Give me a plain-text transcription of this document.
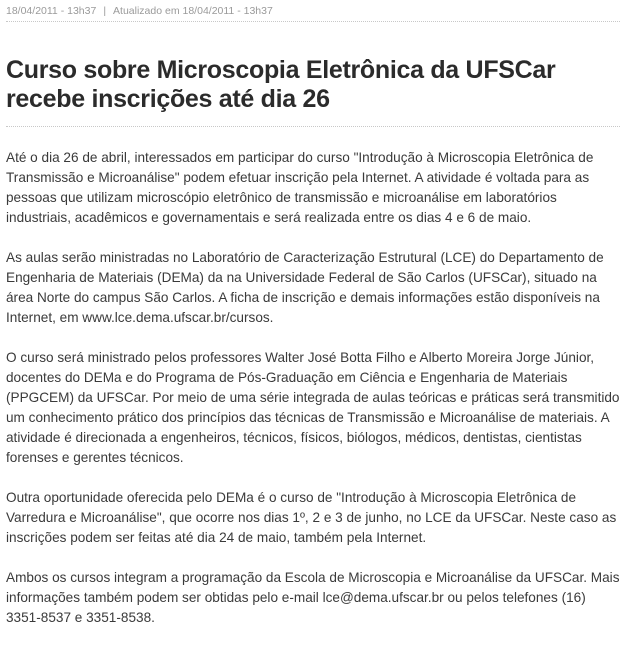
18/04/2011 - 13h37 | Atualizado em 18/04/2011 - 13h37
Curso sobre Microscopia Eletrônica da UFSCar
recebe inscrições até dia 26

Até o dia 26 de abril, interessados em participar do curso "Introdução à Microscopia Eletrônica de
Transmissão e Microanálise" podem efetuar inscrição pela Internet. A atividade é voltada para as
pessoas que utilizam microscópio eletrônico de transmissão e microanálise em laboratórios
industriais, acadêmicos e governamentais e será realizada entre os dias 4 e 6 de maio.

As aulas serão ministradas no Laboratório de Caracterização Estrutural (LCE) do Departamento de
Engenharia de Materiais (DEMa) da na Universidade Federal de São Carlos (UFSCar), situado na
área Norte do campus São Carlos. A ficha de inscrição e demais informações estão disponíveis na
Internet, em www.lce.dema.ufscar.br/cursos.

O curso será ministrado pelos professores Walter José Botta Filho e Alberto Moreira Jorge Júnior,
docentes do DEMa e do Programa de Pós-Graduação em Ciência e Engenharia de Materiais
(PPGCEM) da UFSCar. Por meio de uma série integrada de aulas teóricas e práticas será transmitido
um conhecimento prático dos princípios das técnicas de Transmissão e Microanálise de materiais. A
atividade é direcionada a engenheiros, técnicos, físicos, biólogos, médicos, dentistas, cientistas
forenses e gerentes técnicos.

Outra oportunidade oferecida pelo DEMa é o curso de "Introdução à Microscopia Eletrônica de
Varredura e Microanálise", que ocorre nos dias 1º, 2 e 3 de junho, no LCE da UFSCar. Neste caso as
inscrições podem ser feitas até dia 24 de maio, também pela Internet.

Ambos os cursos integram a programação da Escola de Microscopia e Microanálise da UFSCar. Mais
informações também podem ser obtidas pelo e-mail lce@dema.ufscar.br ou pelos telefones (16)
3351-8537 e 3351-8538.
